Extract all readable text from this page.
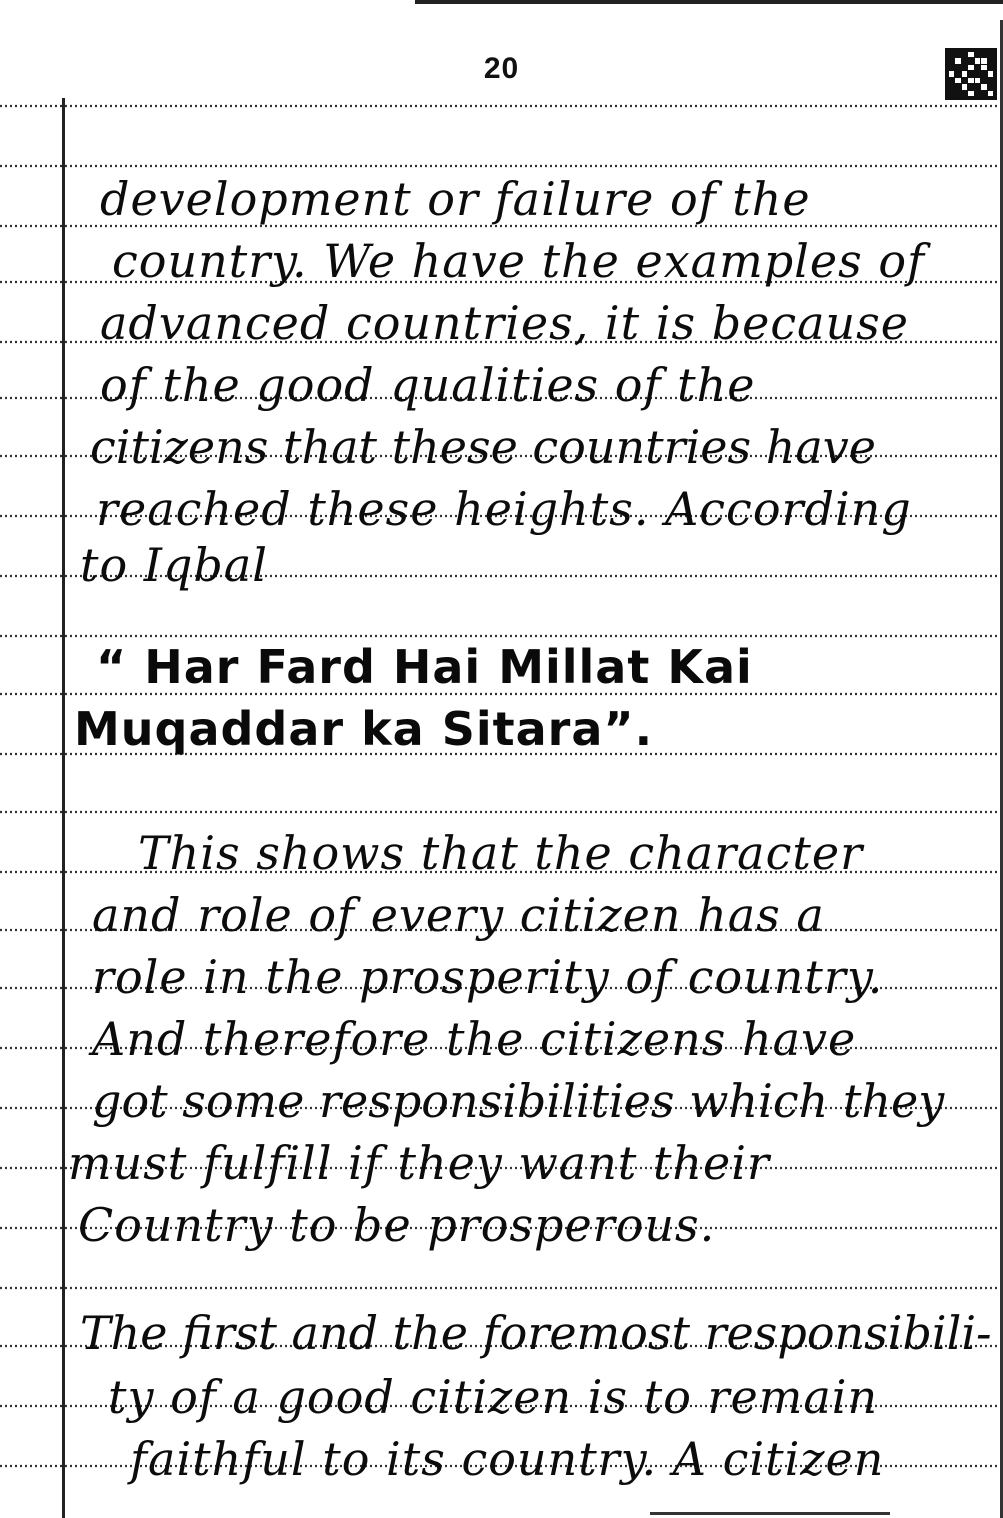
20
development or failure of the
country. We have the examples of
advanced countries, it is because
of the good qualities of the
citizens that these countries have
reached these heights. According
to Iqbal
“ Har Fard Hai Millat Kai
Muqaddar ka Sitara”.
This shows that the character
and role of every citizen has a
role in the prosperity of country.
And therefore the citizens have
got some responsibilities which they
must fulfill if they want their
Country to be prosperous.
The first and the foremost responsibili-
ty of a good citizen is to remain
faithful to its country. A citizen
